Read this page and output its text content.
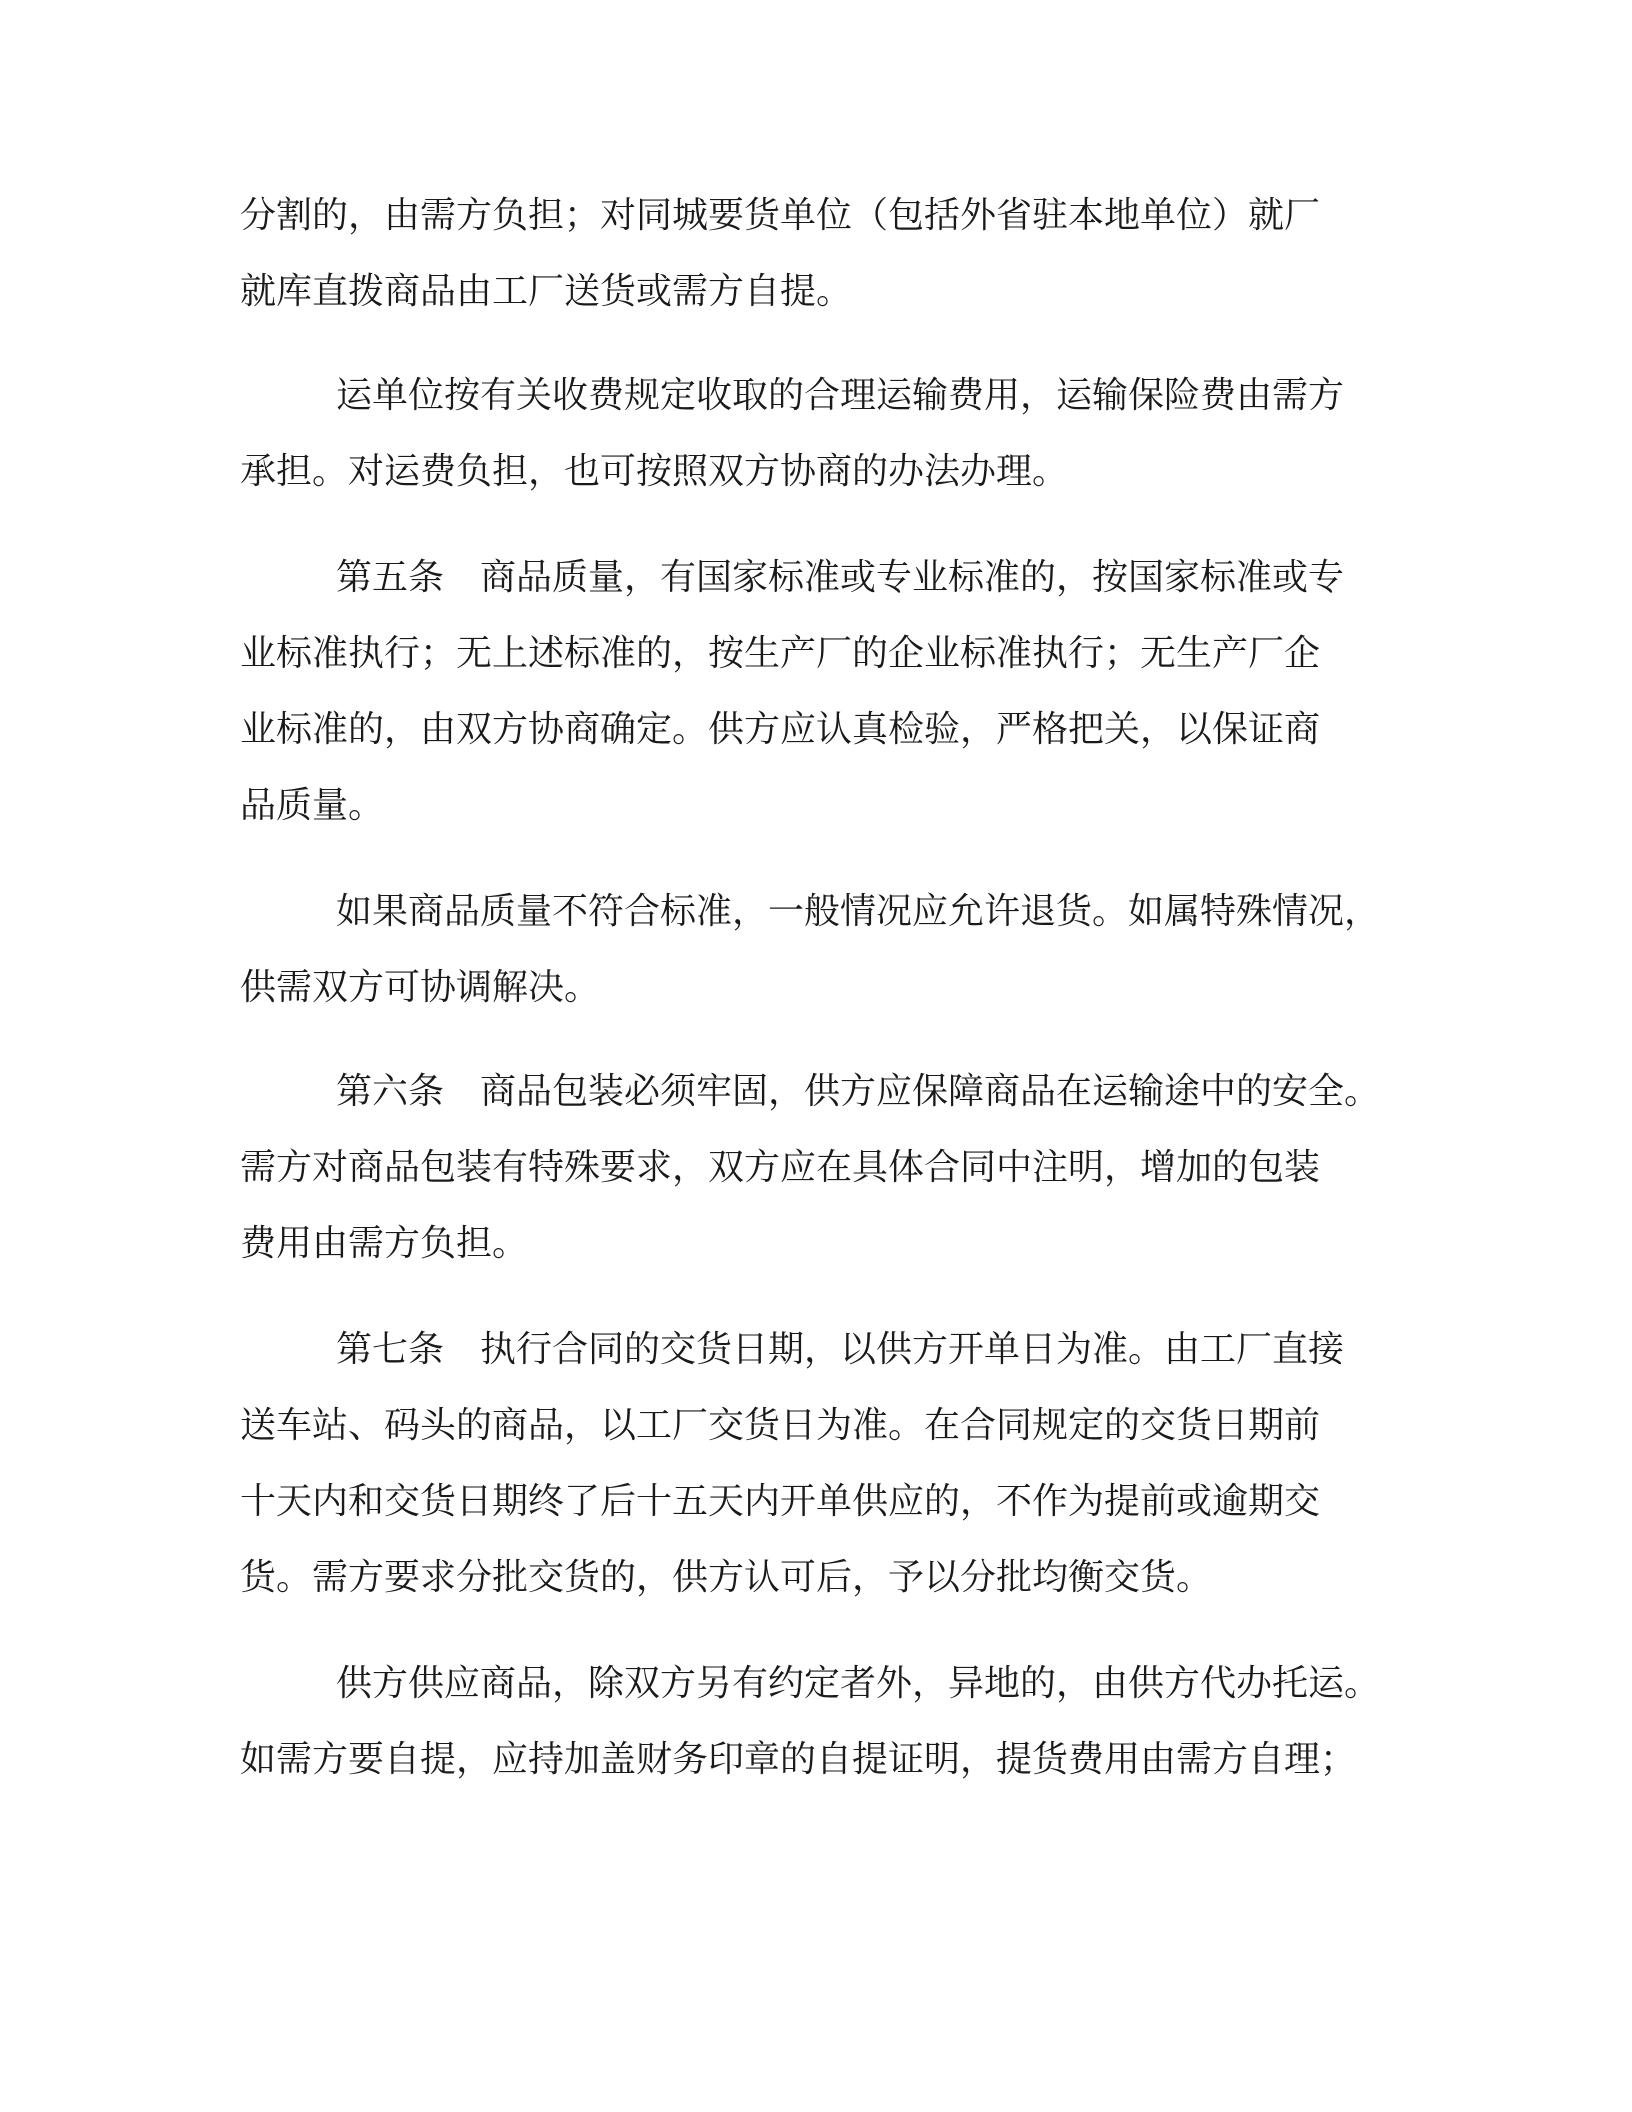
分割的，由需方负担；对同城要货单位（包括外省驻本地单位）就厂
就库直拨商品由工厂送货或需方自提。
运单位按有关收费规定收取的合理运输费用，运输保险费由需方
承担。对运费负担，也可按照双方协商的办法办理。
第五条　商品质量，有国家标准或专业标准的，按国家标准或专
业标准执行；无上述标准的，按生产厂的企业标准执行；无生产厂企
业标准的，由双方协商确定。供方应认真检验，严格把关，以保证商
品质量。
如果商品质量不符合标准，一般情况应允许退货。如属特殊情况，
供需双方可协调解决。
第六条　商品包装必须牢固，供方应保障商品在运输途中的安全。
需方对商品包装有特殊要求，双方应在具体合同中注明，增加的包装
费用由需方负担。
第七条　执行合同的交货日期，以供方开单日为准。由工厂直接
送车站、码头的商品，以工厂交货日为准。在合同规定的交货日期前
十天内和交货日期终了后十五天内开单供应的，不作为提前或逾期交
货。需方要求分批交货的，供方认可后，予以分批均衡交货。
供方供应商品，除双方另有约定者外，异地的，由供方代办托运。
如需方要自提，应持加盖财务印章的自提证明，提货费用由需方自理；
